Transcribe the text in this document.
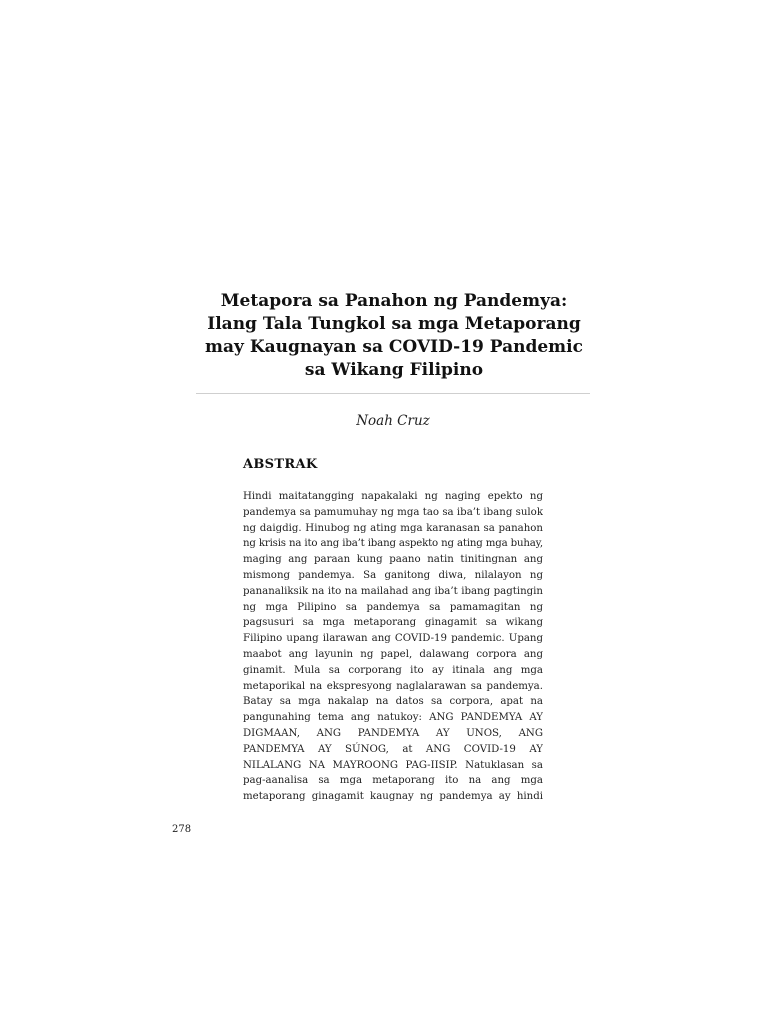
Metapora sa Panahon ng Pandemya:
Ilang Tala Tungkol sa mga Metaporang
may Kaugnayan sa COVID-19 Pandemic
sa Wikang Filipino
Noah Cruz
ABSTRAK
Hindi maitatangging napakalaki ng naging epekto ng
pandemya sa pamumuhay ng mga tao sa iba’t ibang sulok
ng daigdig. Hinubog ng ating mga karanasan sa panahon
ng krisis na ito ang iba’t ibang aspekto ng ating mga buhay,
maging ang paraan kung paano natin tinitingnan ang
mismong pandemya. Sa ganitong diwa, nilalayon ng
pananaliksik na ito na mailahad ang iba’t ibang pagtingin
ng mga Pilipino sa pandemya sa pamamagitan ng
pagsusuri sa mga metaporang ginagamit sa wikang
Filipino upang ilarawan ang COVID-19 pandemic. Upang
maabot ang layunin ng papel, dalawang corpora ang
ginamit. Mula sa corporang ito ay itinala ang mga
metaporikal na ekspresyong naglalarawan sa pandemya.
Batay sa mga nakalap na datos sa corpora, apat na
pangunahing tema ang natukoy: ANG PANDEMYA AY
DIGMAAN, ANG PANDEMYA AY UNOS, ANG
PANDEMYA AY SÚNOG, at ANG COVID-19 AY
NILALANG NA MAYROONG PAG-IISIP. Natuklasan sa
pag-aanalisa sa mga metaporang ito na ang mga
metaporang ginagamit kaugnay ng pandemya ay hindi
278
